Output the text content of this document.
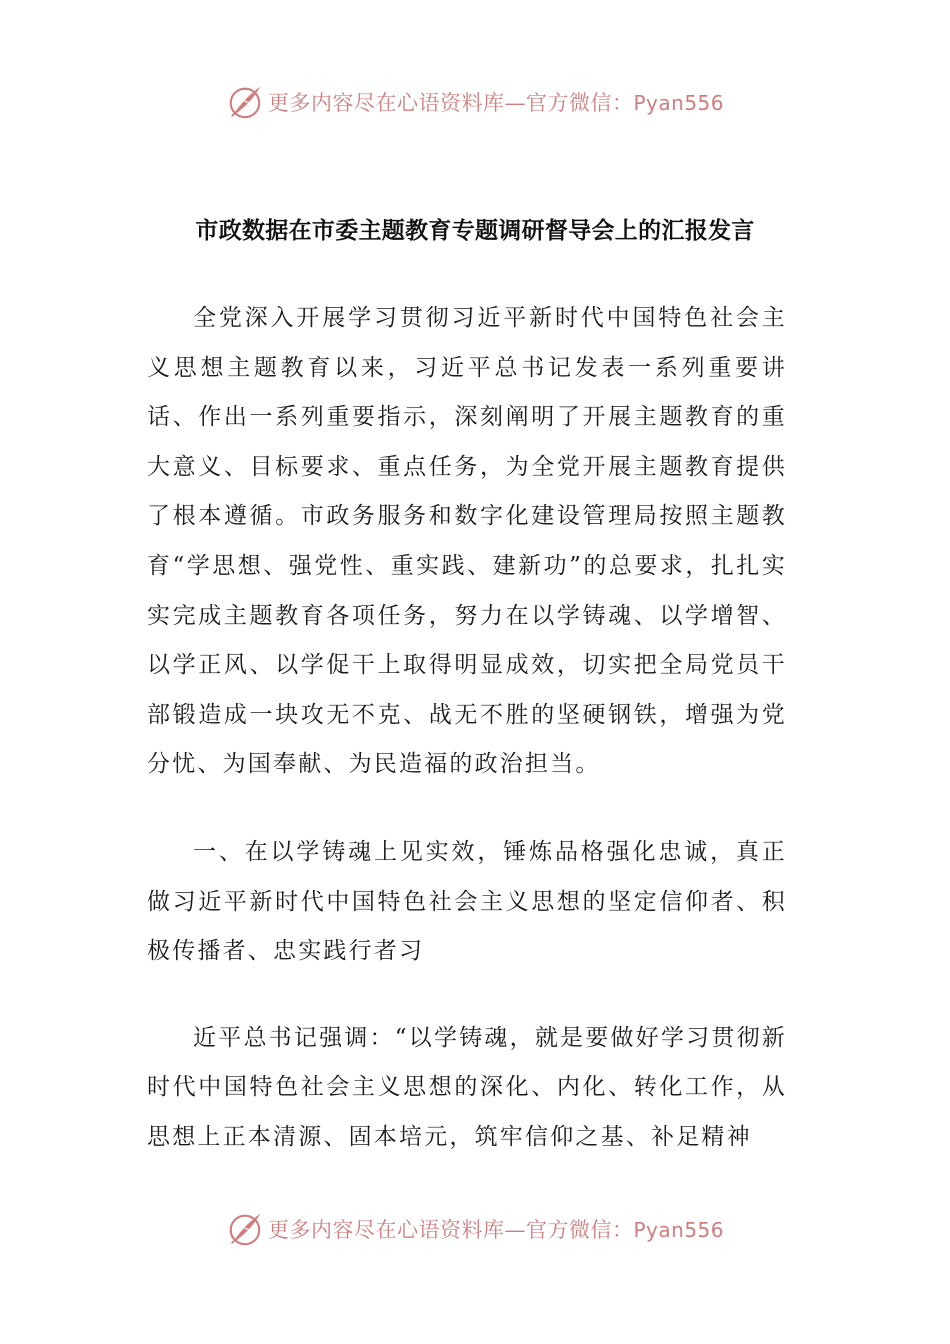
更多内容尽在心语资料库—官方微信：Pyan556
市政数据在市委主题教育专题调研督导会上的汇报发言

全党深入开展学习贯彻习近平新时代中国特色社会主义思想主题教育以来，习近平总书记发表一系列重要讲话、作出一系列重要指示，深刻阐明了开展主题教育的重大意义、目标要求、重点任务，为全党开展主题教育提供了根本遵循。市政务服务和数字化建设管理局按照主题教育“学思想、强党性、重实践、建新功”的总要求，扎扎实实完成主题教育各项任务，努力在以学铸魂、以学增智、以学正风、以学促干上取得明显成效，切实把全局党员干部锻造成一块攻无不克、战无不胜的坚硬钢铁，增强为党分忧、为国奉献、为民造福的政治担当。

一、在以学铸魂上见实效，锤炼品格强化忠诚，真正做习近平新时代中国特色社会主义思想的坚定信仰者、积极传播者、忠实践行者习

近平总书记强调：“以学铸魂，就是要做好学习贯彻新时代中国特色社会主义思想的深化、内化、转化工作，从思想上正本清源、固本培元，筑牢信仰之基、补足精神

更多内容尽在心语资料库—官方微信：Pyan556
